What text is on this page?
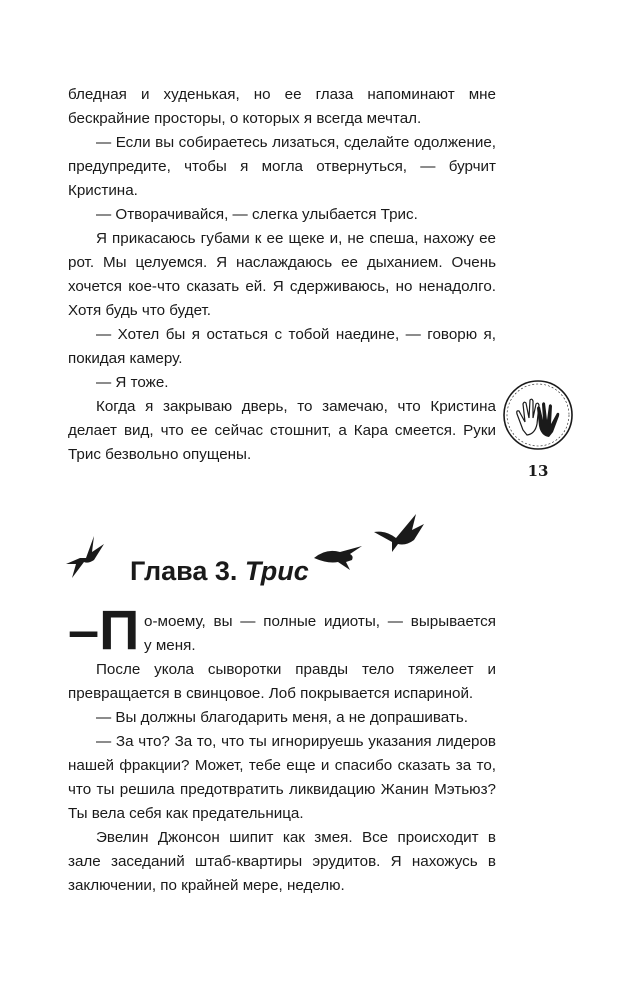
бледная и худенькая, но ее глаза напоминают мне бескрайние просторы, о которых я всегда мечтал.

— Если вы собираетесь лизаться, сделайте одолжение, предупредите, чтобы я могла отвернуться, — бурчит Кристина.

— Отворачивайся, — слегка улыбается Трис.

Я прикасаюсь губами к ее щеке и, не спеша, нахожу ее рот. Мы целуемся. Я наслаждаюсь ее дыханием. Очень хочется кое-что сказать ей. Я сдерживаюсь, но ненадолго. Хотя будь что будет.

— Хотел бы я остаться с тобой наедине, — говорю я, покидая камеру.

— Я тоже.

Когда я закрываю дверь, то замечаю, что Кристина делает вид, что ее сейчас стошнит, а Кара смеется. Руки Трис безвольно опущены.

13
Глава 3. Трис
–П о-моему, вы — полные идиоты, — вырывается
у меня.

После укола сыворотки правды тело тяжелеет и превращается в свинцовое. Лоб покрывается испариной.

— Вы должны благодарить меня, а не допрашивать.

— За что? За то, что ты игнорируешь указания лидеров нашей фракции? Может, тебе еще и спасибо сказать за то, что ты решила предотвратить ликвидацию Жанин Мэтьюз? Ты вела себя как предательница.

Эвелин Джонсон шипит как змея. Все происходит в зале заседаний штаб-квартиры эрудитов. Я нахожусь в заключении, по крайней мере, неделю.
